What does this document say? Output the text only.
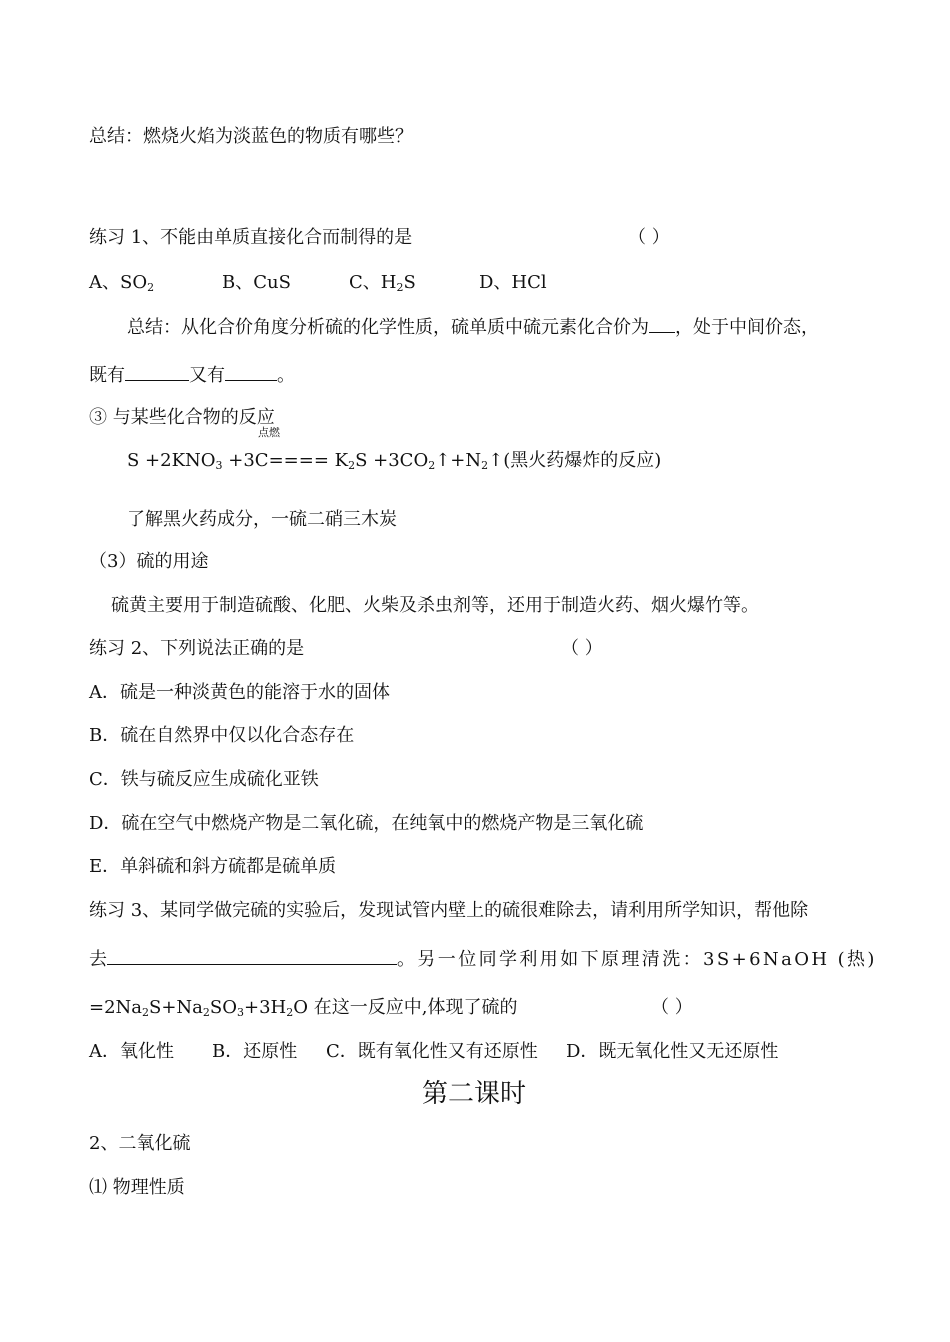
总结：燃烧火焰为淡蓝色的物质有哪些？
练习 1、不能由单质直接化合而制得的是	（ ）
A、$SO_2$	B、CuS	C、$H_2S$	D、HCl
总结：从化合价角度分析硫的化学性质，硫单质中硫元素化合价为 ，处于中间价态，
既有	又有	。
③ 与某些化合物的反应
点燃
$S +2KNO_3 +3C==== K_2S$ $+3CO_2↑+N_2↑$(黑火药爆炸的反应)
了解黑火药成分，一硫二硝三木炭
（3）硫的用途
硫黄主要用于制造硫酸、化肥、火柴及杀虫剂等，还用于制造火药、烟火爆竹等。
练习 2、下列说法正确的是	（ ）
A．硫是一种淡黄色的能溶于水的固体
B．硫在自然界中仅以化合态存在
C．铁与硫反应生成硫化亚铁
D．硫在空气中燃烧产物是二氧化硫，在纯氧中的燃烧产物是三氧化硫
E．单斜硫和斜方硫都是硫单质
练习 3、某同学做完硫的实验后，发现试管内壁上的硫很难除去，请利用所学知识，帮他除
去	。另一位同学利用如下原理清洗：3S+6NaOH (热)
$=2Na_2S+Na_2SO_3+3H_2O$ 在这一反应中,体现了硫的	（ ）
A．氧化性 B．还原性 C．既有氧化性又有还原性 D．既无氧化性又无还原性
第二课时
2、二氧化硫
⑴ 物理性质
